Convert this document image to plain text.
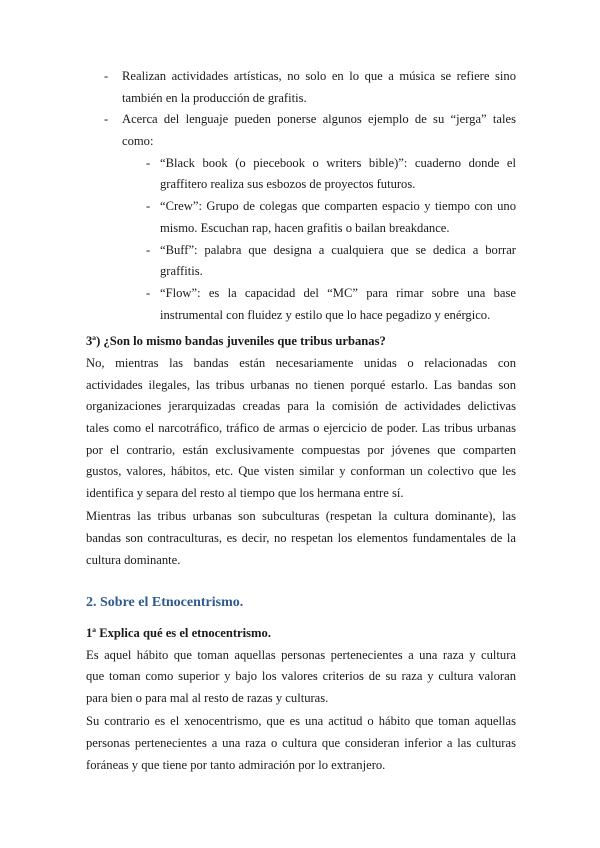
- Realizan actividades artísticas, no solo en lo que a música se refiere sino
también en la producción de grafitis.
- Acerca del lenguaje pueden ponerse algunos ejemplo de su “jerga” tales
como:
- “Black book (o piecebook o writers bible)”: cuaderno donde el
graffitero realiza sus esbozos de proyectos futuros.
- “Crew”: Grupo de colegas que comparten espacio y tiempo con uno
mismo. Escuchan rap, hacen grafitis o bailan breakdance.
- “Buff”: palabra que designa a cualquiera que se dedica a borrar
graffitis.
- “Flow”: es la capacidad del “MC” para rimar sobre una base
instrumental con fluidez y estilo que lo hace pegadizo y enérgico.
3ª) ¿Son lo mismo bandas juveniles que tribus urbanas?
No, mientras las bandas están necesariamente unidas o relacionadas con
actividades ilegales, las tribus urbanas no tienen porqué estarlo. Las bandas son
organizaciones jerarquizadas creadas para la comisión de actividades delictivas
tales como el narcotráfico, tráfico de armas o ejercicio de poder. Las tribus urbanas
por el contrario, están exclusivamente compuestas por jóvenes que comparten
gustos, valores, hábitos, etc. Que visten similar y conforman un colectivo que les
identifica y separa del resto al tiempo que los hermana entre sí.
Mientras las tribus urbanas son subculturas (respetan la cultura dominante), las
bandas son contraculturas, es decir, no respetan los elementos fundamentales de la
cultura dominante.
2. Sobre el Etnocentrismo.
1ª Explica qué es el etnocentrismo.
Es aquel hábito que toman aquellas personas pertenecientes a una raza y cultura
que toman como superior y bajo los valores criterios de su raza y cultura valoran
para bien o para mal al resto de razas y culturas.
Su contrario es el xenocentrismo, que es una actitud o hábito que toman aquellas
personas pertenecientes a una raza o cultura que consideran inferior a las culturas
foráneas y que tiene por tanto admiración por lo extranjero.
